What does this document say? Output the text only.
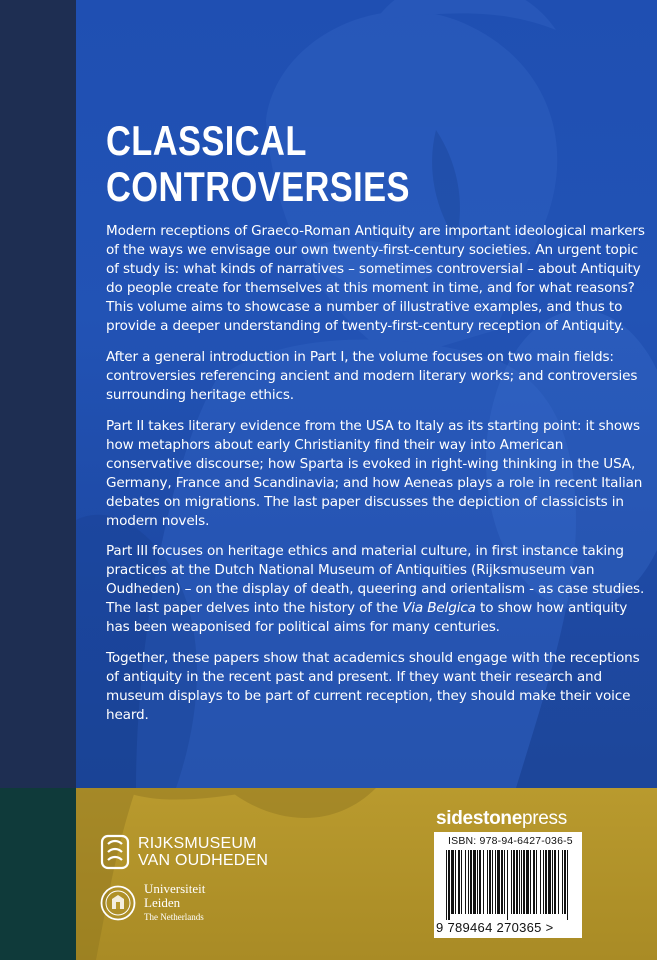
CLASSICAL
CONTROVERSIES

Modern receptions of Graeco-Roman Antiquity are important ideological markers of the ways we envisage our own twenty-first-century societies. An urgent topic of study is: what kinds of narratives – sometimes controversial – about Antiquity do people create for themselves at this moment in time, and for what reasons? This volume aims to showcase a number of illustrative examples, and thus to provide a deeper understanding of twenty-first-century reception of Antiquity.

After a general introduction in Part I, the volume focuses on two main fields: controversies referencing ancient and modern literary works; and controversies surrounding heritage ethics.

Part II takes literary evidence from the USA to Italy as its starting point: it shows how metaphors about early Christianity find their way into American conservative discourse; how Sparta is evoked in right-wing thinking in the USA, Germany, France and Scandinavia; and how Aeneas plays a role in recent Italian debates on migrations. The last paper discusses the depiction of classicists in modern novels.

Part III focuses on heritage ethics and material culture, in first instance taking practices at the Dutch National Museum of Antiquities (Rijksmuseum van Oudheden) – on the display of death, queering and orientalism - as case studies. The last paper delves into the history of the Via Belgica to show how antiquity has been weaponised for political aims for many centuries.

Together, these papers show that academics should engage with the receptions of antiquity in the recent past and present. If they want their research and museum displays to be part of current reception, they should make their voice heard.

RIJKSMUSEUM
VAN OUDHEDEN
Universiteit
Leiden
The Netherlands
sidestonepress
ISBN: 978-94-6427-036-5
9 789464 270365 >
